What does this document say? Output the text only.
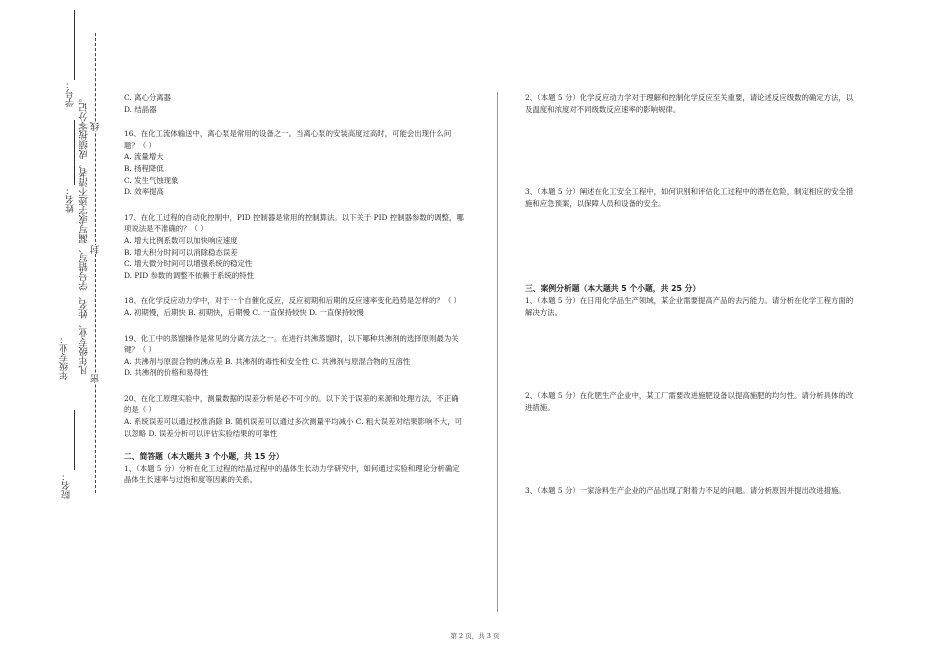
学号：
姓名：
年级专业：
院名：
凡年级专业、姓名、学号错写、漏写或字迹不清者，成绩按零分记。 线
封
密

C. 离心分离器

D. 结晶器

16、在化工流体输送中，离心泵是常用的设备之一。当离心泵的安装高度过高时，可能会出现什么问题？（ ）

A. 流量增大

B. 扬程降低

C. 发生气蚀现象

D. 效率提高

17、在化工过程的自动化控制中，PID 控制器是常用的控制算法。以下关于 PID 控制器参数的调整，哪项说法是不准确的？（ ）

A. 增大比例系数可以加快响应速度

B. 增大积分时间可以消除稳态误差

C. 增大微分时间可以增强系统的稳定性

D. PID 参数的调整不依赖于系统的特性

18、在化学反应动力学中，对于一个自催化反应，反应初期和后期的反应速率变化趋势是怎样的？（ ）

A. 初期慢，后期快 B. 初期快，后期慢 C. 一直保持较快 D. 一直保持较慢

19、化工中的蒸馏操作是常见的分离方法之一。在进行共沸蒸馏时，以下哪种共沸剂的选择原则最为关键？（ ）

A. 共沸剂与原混合物的沸点差 B. 共沸剂的毒性和安全性 C. 共沸剂与原混合物的互溶性

D. 共沸剂的价格和易得性

20、在化工原理实验中，测量数据的误差分析是必不可少的。以下关于误差的来源和处理方法，不正确的是（ ）

A. 系统误差可以通过校准消除 B. 随机误差可以通过多次测量平均减小 C. 粗大误差对结果影响不大，可以忽略 D. 误差分析可以评估实验结果的可靠性

二、简答题（本大题共 3 个小题，共 15 分）

1、（本题 5 分）分析在化工过程的结晶过程中的晶体生长动力学研究中，如何通过实验和理论分析确定晶体生长速率与过饱和度等因素的关系。

2、（本题 5 分）化学反应动力学对于理解和控制化学反应至关重要，请论述反应级数的确定方法，以及温度和浓度对不同级数反应速率的影响规律。

3、（本题 5 分）阐述在化工安全工程中，如何识别和评估化工过程中的潜在危险，制定相应的安全措施和应急预案，以保障人员和设备的安全。

三、案例分析题（本大题共 5 个小题，共 25 分）

1、（本题 5 分）在日用化学品生产领域，某企业需要提高产品的去污能力。请分析在化学工程方面的解决方法。

2、（本题 5 分）在化肥生产企业中，某工厂需要改进施肥设备以提高施肥的均匀性。请分析具体的改进措施。

3、（本题 5 分）一家涂料生产企业的产品出现了附着力不足的问题。请分析原因并提出改进措施。

第 2 页，共 3 页
